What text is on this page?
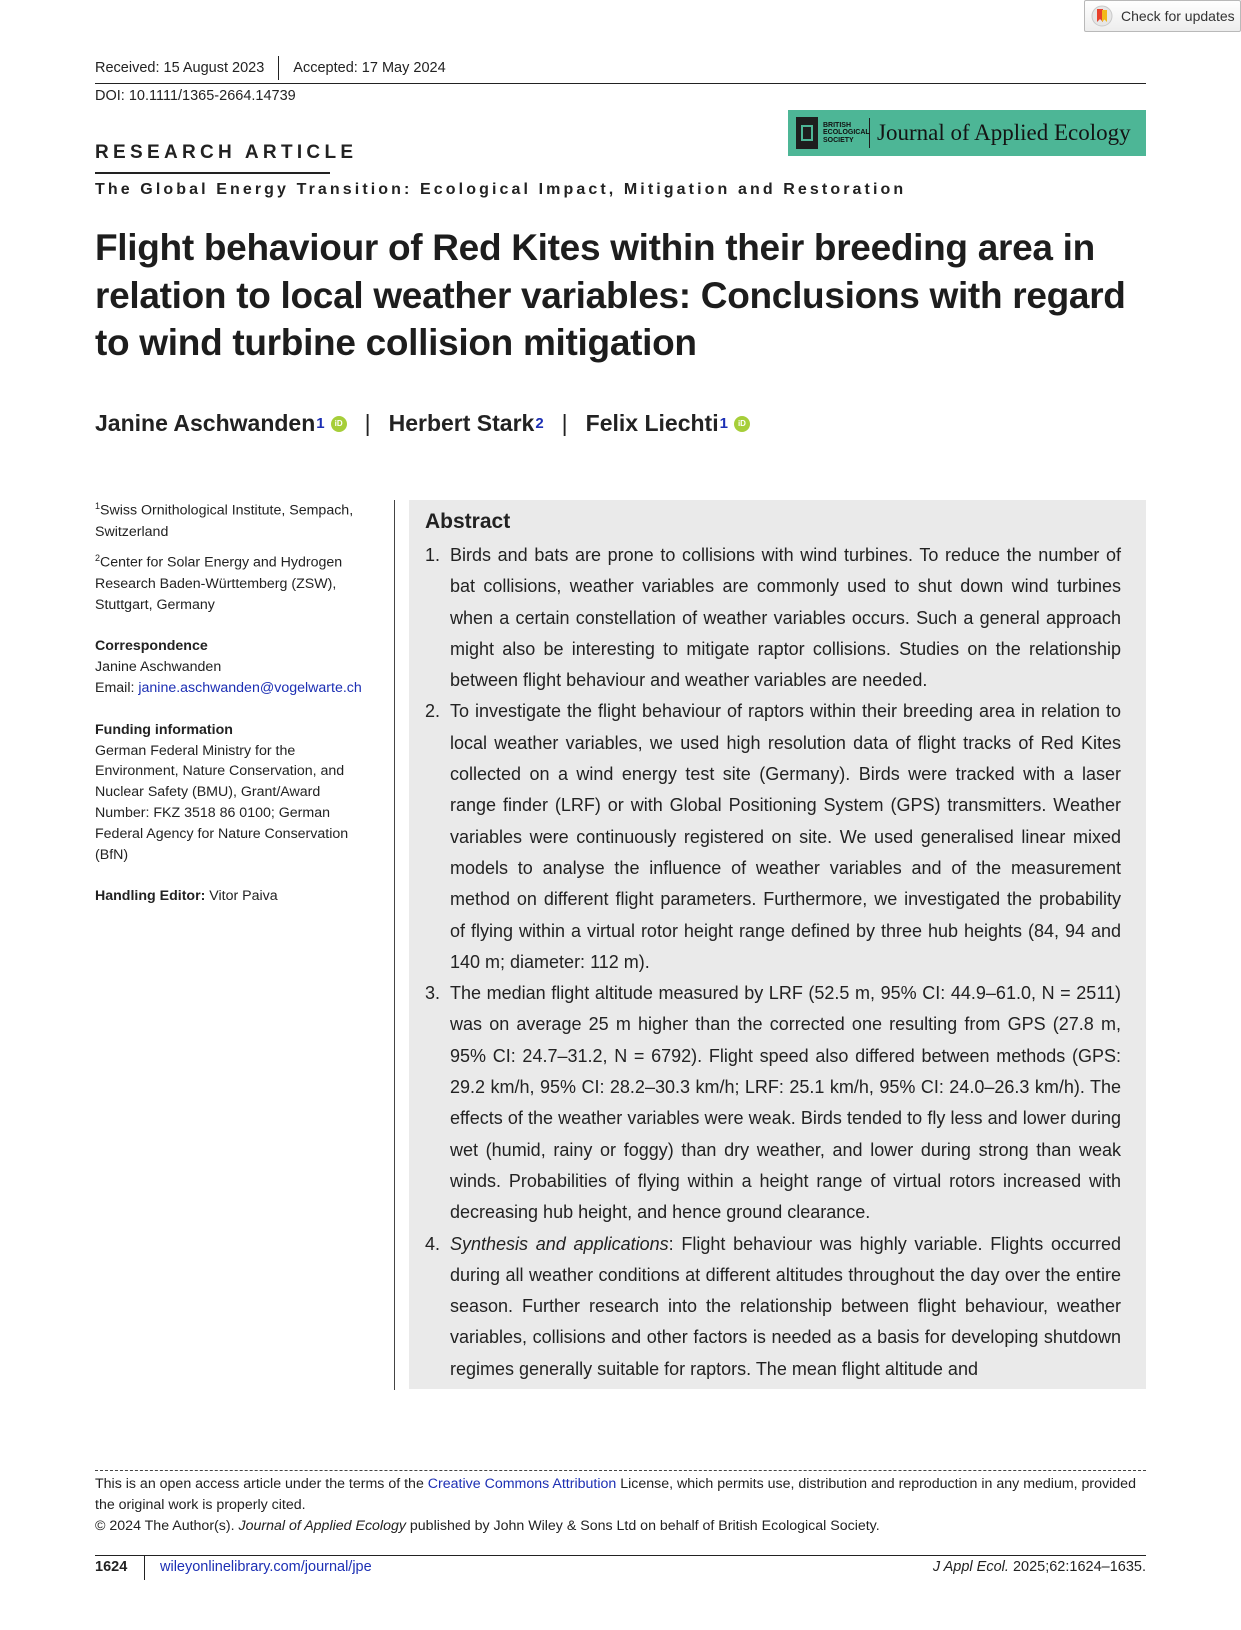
Check for updates
Received: 15 August 2023 Accepted: 17 May 2024
DOI: 10.1111/1365-2664.14739
BRITISH
ECOLOGICAL
SOCIETY	Journal of Applied Ecology
RESEARCH ARTICLE
The Global Energy Transition: Ecological Impact, Mitigation and Restoration
Flight behaviour of Red Kites within their breeding area in relation to local weather variables: Conclusions with regard to wind turbine collision mitigation
Janine Aschwanden 1	iD | Herbert Stark 2 | Felix Liechti 1	iD

$^1$Swiss Ornithological Institute, Sempach, Switzerland

$^2$Center for Solar Energy and Hydrogen Research Baden-Württemberg (ZSW), Stuttgart, Germany

Correspondence
Janine Aschwanden
Email: janine.aschwanden@vogelwarte.ch

Funding information
German Federal Ministry for the Environment, Nature Conservation, and Nuclear Safety (BMU), Grant/Award Number: FKZ 3518 86 0100; German Federal Agency for Nature Conservation (BfN)

Handling Editor: Vitor Paiva

Abstract
1. Birds and bats are prone to collisions with wind turbines. To reduce the number of bat collisions, weather variables are commonly used to shut down wind turbines when a certain constellation of weather variables occurs. Such a general approach might also be interesting to mitigate raptor collisions. Studies on the relationship between flight behaviour and weather variables are needed.
2. To investigate the flight behaviour of raptors within their breeding area in relation to local weather variables, we used high resolution data of flight tracks of Red Kites collected on a wind energy test site (Germany). Birds were tracked with a laser range finder (LRF) or with Global Positioning System (GPS) transmitters. Weather variables were continuously registered on site. We used generalised linear mixed models to analyse the influence of weather variables and of the measurement method on different flight parameters. Furthermore, we investigated the probability of flying within a virtual rotor height range defined by three hub heights (84, 94 and 140 m; diameter: 112 m).
3. The median flight altitude measured by LRF (52.5 m, 95% CI: 44.9–61.0, N = 2511) was on average 25 m higher than the corrected one resulting from GPS (27.8 m, 95% CI: 24.7–31.2, N = 6792). Flight speed also differed between methods (GPS: 29.2 km/h, 95% CI: 28.2–30.3 km/h; LRF: 25.1 km/h, 95% CI: 24.0–26.3 km/h). The effects of the weather variables were weak. Birds tended to fly less and lower during wet (humid, rainy or foggy) than dry weather, and lower during strong than weak winds. Probabilities of flying within a height range of virtual rotors increased with decreasing hub height, and hence ground clearance.
4. Synthesis and applications: Flight behaviour was highly variable. Flights occurred during all weather conditions at different altitudes throughout the day over the entire season. Further research into the relationship between flight behaviour, weather variables, collisions and other factors is needed as a basis for developing shutdown regimes generally suitable for raptors. The mean flight altitude and
This is an open access article under the terms of the Creative Commons Attribution License, which permits use, distribution and reproduction in any medium, provided the original work is properly cited.
© 2024 The Author(s). Journal of Applied Ecology published by John Wiley & Sons Ltd on behalf of British Ecological Society.
1624 wileyonlinelibrary.com/journal/jpe	J Appl Ecol. 2025;62:1624–1635.
